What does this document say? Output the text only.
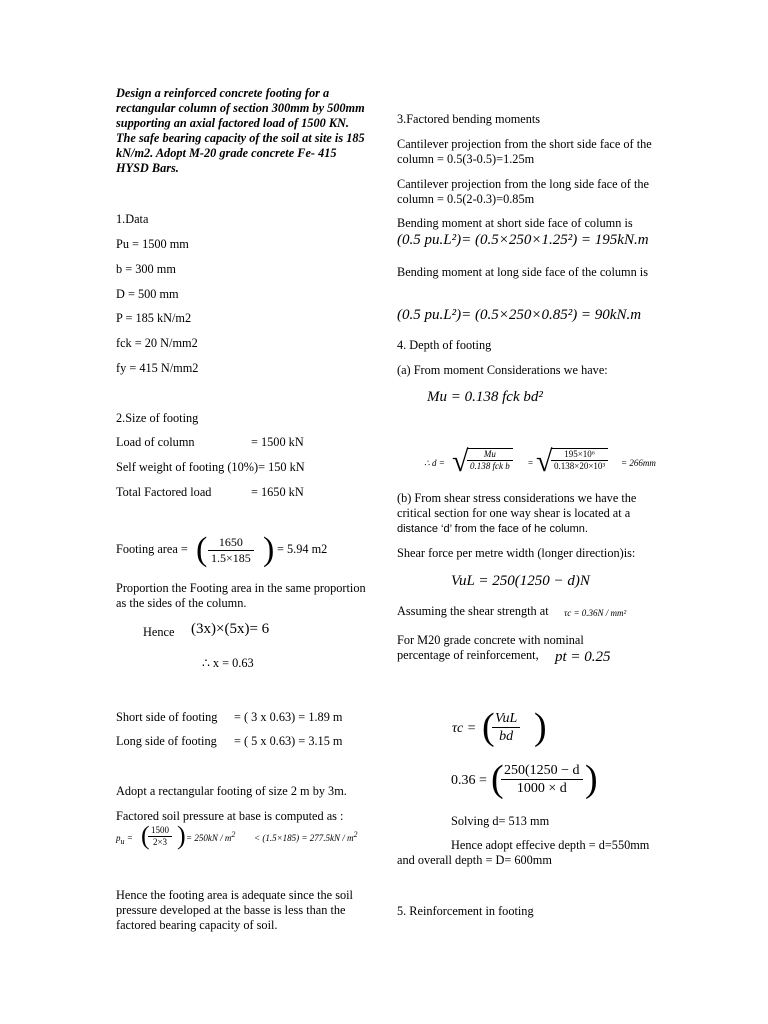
Design a reinforced concrete footing for a rectangular column of section 300mm by 500mm supporting an axial factored load of 1500 KN. The safe bearing capacity of the soil at site is 185 kN/m2. Adopt M-20 grade concrete Fe- 415 HYSD Bars.

1.Data

Pu = 1500 mm

b = 300 mm

D = 500 mm

P = 185 kN/m2

fck = 20 N/mm2

fy = 415 N/mm2

2.Size of footing

Load of column	= 1500 kN

Self weight of footing (10%)= 150 kN

Total Factored load	= 1650 kN

Footing area = ( $\frac{1650}{1.5\times 185}$ ) = 5.94 m2

Proportion the Footing area in the same proportion as the sides of the column.

Hence (3x)×(5x)= 6
∴ x = 0.63

Short side of footing = ( 3 x 0.63) = 1.89 m

Long side of footing = ( 5 x 0.63) = 3.15 m

Adopt a rectangular footing of size 2 m by 3m.

Factored soil pressure at base is computed as :

$p_u$ = (
$\frac{1500}{2\times 3}$ ) = $250kN / m^2 < (1.5\times 185) = 277.5kN / m^2$

Hence the footing area is adequate since the soil pressure developed at the basse is less than the factored bearing capacity of soil.

3.Factored bending moments

Cantilever projection from the short side face of the column = 0.5(3-0.5)=1.25m

Cantilever projection from the long side face of the column = 0.5(2-0.3)=0.85m

Bending moment at short side face of column is

(0.5 pu.L²)= (0.5×250×1.25²) = 195kN.m

Bending moment at long side face of the column is

(0.5 pu.L²)= (0.5×250×0.85²) = 90kN.m

4. Depth of footing

(a) From moment Considerations we have:

Mu = 0.138 fck bd²
∴ d = √	Mu
0.138 fck b	= √
$\frac{\text{195×10⁶}}{\text{0.138×20×10³}} = 266mm$

(b) From shear stress considerations we have the critical section for one way shear is located at a

distance ‘d’ from the face of he column.

Shear force per metre width (longer direction)is:

VuL = 250(1250 − d)N

Assuming the shear strength at τc = 0.36N / mm²

For M20 grade concrete with nominal percentage of reinforcement,	pt = 0.25
τc = ( VuL
bd )
0.36 = (
$\frac{250(1250 - d}{1000 \times d}$ )

Solving d= 513 mm

Hence adopt effecive depth = d=550mm and overall depth = D= 600mm

5. Reinforcement in footing
